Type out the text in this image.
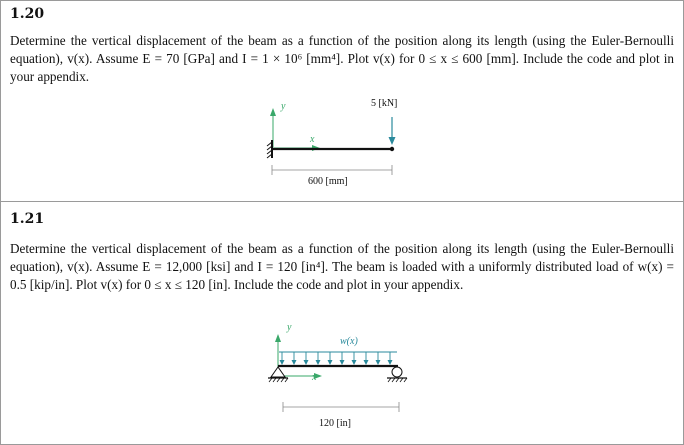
1.20

Determine the vertical displacement of the beam as a function of the position along its length (using the Euler-Bernoulli equation), v(x). Assume E = 70 [GPa] and I = 1 × 10⁶ [mm⁴]. Plot v(x) for 0 ≤ x ≤ 600 [mm]. Include the code and plot in your appendix.

y
x
5 [kN]
600 [mm]
1.21

Determine the vertical displacement of the beam as a function of the position along its length (using the Euler-Bernoulli equation), v(x). Assume E = 12,000 [ksi] and I = 120 [in⁴]. The beam is loaded with a uniformly distributed load of w(x) = 0.5 [kip/in]. Plot v(x) for 0 ≤ x ≤ 120 [in]. Include the code and plot in your appendix.

y
x
w(x)
120 [in]
